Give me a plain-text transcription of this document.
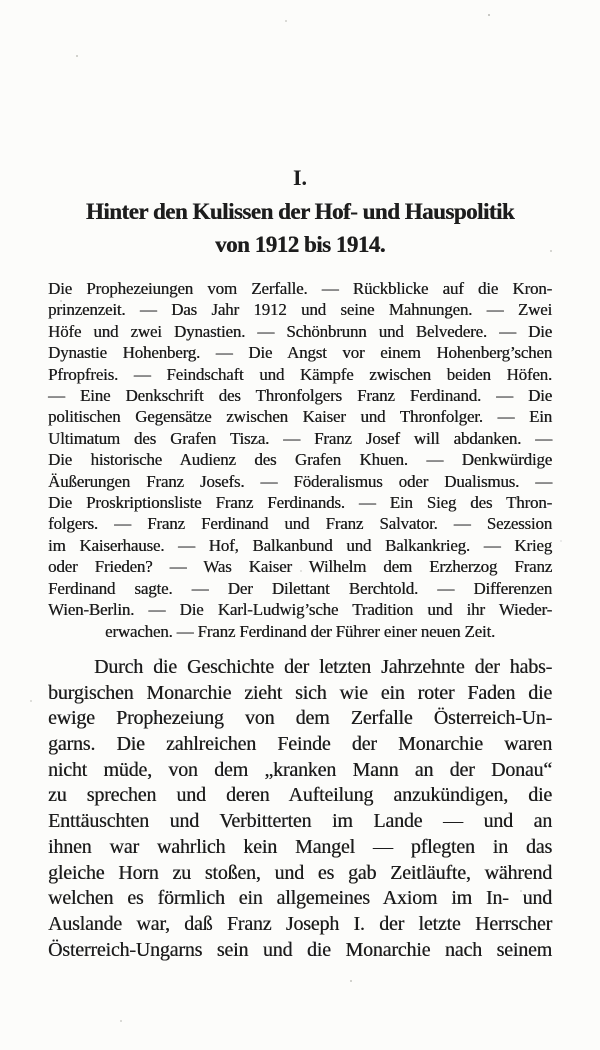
I.
Hinter den Kulissen der Hof- und Hauspolitik
von 1912 bis 1914.
Die Prophezeiungen vom Zerfalle. — Rückblicke auf die Kron-
prinzenzeit. — Das Jahr 1912 und seine Mahnungen. — Zwei
Höfe und zwei Dynastien. — Schönbrunn und Belvedere. — Die
Dynastie Hohenberg. — Die Angst vor einem Hohenberg’schen
Pfropfreis. — Feindschaft und Kämpfe zwischen beiden Höfen.
— Eine Denkschrift des Thronfolgers Franz Ferdinand. — Die
politischen Gegensätze zwischen Kaiser und Thronfolger. — Ein
Ultimatum des Grafen Tisza. — Franz Josef will abdanken. —
Die historische Audienz des Grafen Khuen. — Denkwürdige
Äußerungen Franz Josefs. — Föderalismus oder Dualismus. —
Die Proskriptionsliste Franz Ferdinands. — Ein Sieg des Thron-
folgers. — Franz Ferdinand und Franz Salvator. — Sezession
im Kaiserhause. — Hof, Balkanbund und Balkankrieg. — Krieg
oder Frieden? — Was Kaiser Wilhelm dem Erzherzog Franz
Ferdinand sagte. — Der Dilettant Berchtold. — Differenzen
Wien-Berlin. — Die Karl-Ludwig’sche Tradition und ihr Wieder-
erwachen. — Franz Ferdinand der Führer einer neuen Zeit.
Durch die Geschichte der letzten Jahrzehnte der habs-
burgischen Monarchie zieht sich wie ein roter Faden die
ewige Prophezeiung von dem Zerfalle Österreich-Un-
garns. Die zahlreichen Feinde der Monarchie waren
nicht müde, von dem „kranken Mann an der Donau“
zu sprechen und deren Aufteilung anzukündigen, die
Enttäuschten und Verbitterten im Lande — und an
ihnen war wahrlich kein Mangel — pflegten in das
gleiche Horn zu stoßen, und es gab Zeitläufte, während
welchen es förmlich ein allgemeines Axiom im In- und
Auslande war, daß Franz Joseph I. der letzte Herrscher
Österreich-Ungarns sein und die Monarchie nach seinem
